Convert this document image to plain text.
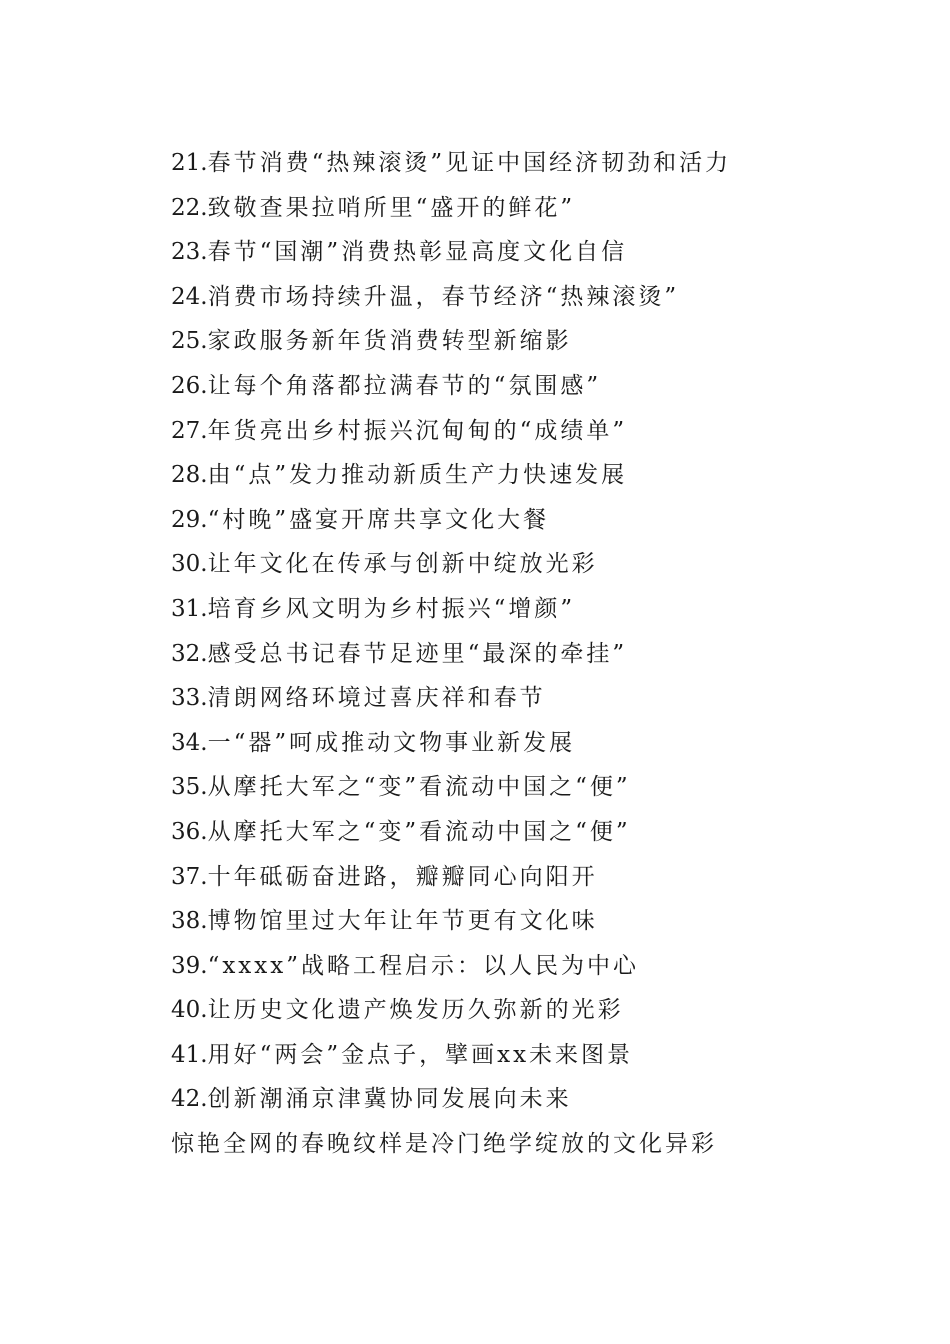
21.春节消费“热辣滚烫”见证中国经济韧劲和活力
22.致敬查果拉哨所里“盛开的鲜花”
23.春节“国潮”消费热彰显高度文化自信
24.消费市场持续升温，春节经济“热辣滚烫”
25.家政服务新年货消费转型新缩影
26.让每个角落都拉满春节的“氛围感”
27.年货亮出乡村振兴沉甸甸的“成绩单”
28.由“点”发力推动新质生产力快速发展
29.“村晚”盛宴开席共享文化大餐
30.让年文化在传承与创新中绽放光彩
31.培育乡风文明为乡村振兴“增颜”
32.感受总书记春节足迹里“最深的牵挂”
33.清朗网络环境过喜庆祥和春节
34.一“器”呵成推动文物事业新发展
35.从摩托大军之“变”看流动中国之“便”
36.从摩托大军之“变”看流动中国之“便”
37.十年砥砺奋进路，瓣瓣同心向阳开
38.博物馆里过大年让年节更有文化味
39.“xxxx”战略工程启示：以人民为中心
40.让历史文化遗产焕发历久弥新的光彩
41.用好“两会”金点子，擘画xx未来图景
42.创新潮涌京津冀协同发展向未来
惊艳全网的春晚纹样是冷门绝学绽放的文化异彩
